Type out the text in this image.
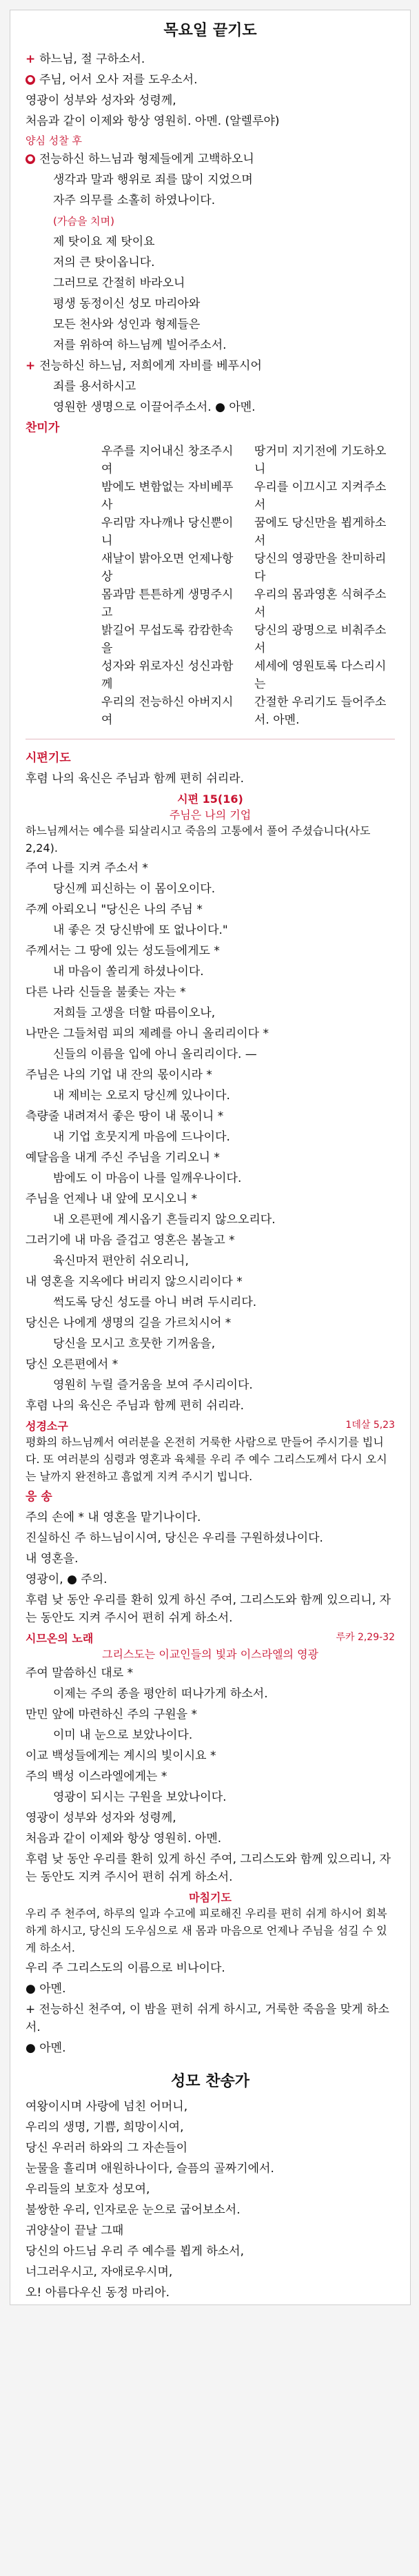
목요일 끝기도
+ 하느님, 절 구하소서.
● 주님, 어서 오사 저를 도우소서.
영광이 성부와 성자와 성령께,
처음과 같이 이제와 항상 영원히. 아멘. (알렐루야)
양심 성찰 후
● 전능하신 하느님과 형제들에게 고백하오니
생각과 말과 행위로 죄를 많이 지었으며
자주 의무를 소홀히 하였나이다.
(가슴을 치며)
제 탓이요 제 탓이요
저의 큰 탓이옵니다.
그러므로 간절히 바라오니
평생 동정이신 성모 마리아와
모든 천사와 성인과 형제들은
저를 위하여 하느님께 빌어주소서.
+ 전능하신 하느님, 저희에게 자비를 베푸시어
죄를 용서하시고
영원한 생명으로 이끌어주소서. ● 아멘.
찬미가
우주를 지어내신 창조주시여
땅거미 지기전에 기도하오니
밤에도 변함없는 자비베푸사
우리를 이끄시고 지켜주소서
우리맘 자나깨나 당신뿐이니
꿈에도 당신만을 뵙게하소서
새날이 밝아오면 언제나항상
당신의 영광만을 찬미하리다
몸과맘 튼튼하게 생명주시고
우리의 몸과영혼 식혀주소서
밝길어 무섭도록 캄캄한속을
당신의 광명으로 비춰주소서
성자와 위로자신 성신과함께
세세에 영원토록 다스리시는
우리의 전능하신 아버지시여
간절한 우리기도 들어주소서. 아멘.
시편기도
후렴 나의 육신은 주님과 함께 편히 쉬리라.
시편 15(16)
주님은 나의 기업
하느님께서는 예수를 되살리시고 죽음의 고통에서 풀어 주셨습니다(사도 2,24).
주여 나를 지켜 주소서 *
당신께 피신하는 이 몸이오이다.
주께 아뢰오니 "당신은 나의 주님 *
내 좋은 것 당신밖에 또 없나이다."
주께서는 그 땅에 있는 성도들에게도 *
내 마음이 쏠리게 하셨나이다.
다른 나라 신들을 불좇는 자는 *
저희들 고생을 더할 따름이오나,
나만은 그들처럼 피의 제례를 아니 올리리이다 *
신들의 이름을 입에 아니 올리리이다. —
주님은 나의 기업 내 잔의 몫이시라 *
내 제비는 오로지 당신께 있나이다.
측량줄 내려져서 좋은 땅이 내 몫이니 *
내 기업 흐뭇지게 마음에 드나이다.
예달음을 내게 주신 주님을 기리오니 *
밤에도 이 마음이 나를 일깨우나이다.
주님을 언제나 내 앞에 모시오니 *
내 오른편에 계시옵기 흔들리지 않으오리다.
그러기에 내 마음 즐겁고 영혼은 봄놀고 *
육신마저 편안히 쉬오리니,
내 영혼을 지옥에다 버리지 않으시리이다 *
썩도록 당신 성도를 아니 버려 두시리다.
당신은 나에게 생명의 길을 가르치시어 *
당신을 모시고 흐뭇한 기꺼움을,
당신 오른편에서 *
영원히 누릴 즐거움을 보여 주시리이다.
후렴 나의 육신은 주님과 함께 편히 쉬리라.
성경소구	1데살 5,23
평화의 하느님께서 여러분을 온전히 거룩한 사람으로 만들어 주시기를 빕니다. 또 여러분의 심령과 영혼과 육체를 우리 주 예수 그리스도께서 다시 오시는 날까지 완전하고 흠없게 지켜 주시기 빕니다.
응 송
주의 손에 * 내 영혼을 맡기나이다.
진실하신 주 하느님이시여, 당신은 우리를 구원하셨나이다.
내 영혼을.
영광이, ● 주의.
후렴 낮 동안 우리를 환히 있게 하신 주여, 그리스도와 함께 있으리니, 자는 동안도 지켜 주시어 편히 쉬게 하소서.
시므온의 노래	루카 2,29-32
그리스도는 이교인들의 빛과 이스라엘의 영광
주여 말씀하신 대로 *
이제는 주의 종을 평안히 떠나가게 하소서.
만민 앞에 마련하신 주의 구원을 *
이미 내 눈으로 보았나이다.
이교 백성들에게는 계시의 빛이시요 *
주의 백성 이스라엘에게는 *
영광이 되시는 구원을 보았나이다.
영광이 성부와 성자와 성령께,
처음과 같이 이제와 항상 영원히. 아멘.
후렴 낮 동안 우리를 환히 있게 하신 주여, 그리스도와 함께 있으리니, 자는 동안도 지켜 주시어 편히 쉬게 하소서.
마침기도
우리 주 천주여, 하루의 일과 수고에 피로해진 우리를 편히 쉬게 하시어 회복하게 하시고, 당신의 도우심으로 새 몸과 마음으로 언제나 주님을 섬길 수 있게 하소서.
우리 주 그리스도의 이름으로 비나이다.
● 아멘.
+ 전능하신 천주여, 이 밤을 편히 쉬게 하시고, 거룩한 죽음을 맞게 하소서.
● 아멘.
성모 찬송가
여왕이시며 사랑에 넘친 어머니,
우리의 생명, 기쁨, 희망이시여,
당신 우러러 하와의 그 자손들이
눈물을 흘리며 애원하나이다, 슬픔의 골짜기에서.
우리들의 보호자 성모여,
불쌍한 우리, 인자로운 눈으로 굽어보소서.
귀양살이 끝날 그때
당신의 아드님 우리 주 예수를 뵙게 하소서,
너그러우시고, 자애로우시며,
오! 아름다우신 동정 마리아.
